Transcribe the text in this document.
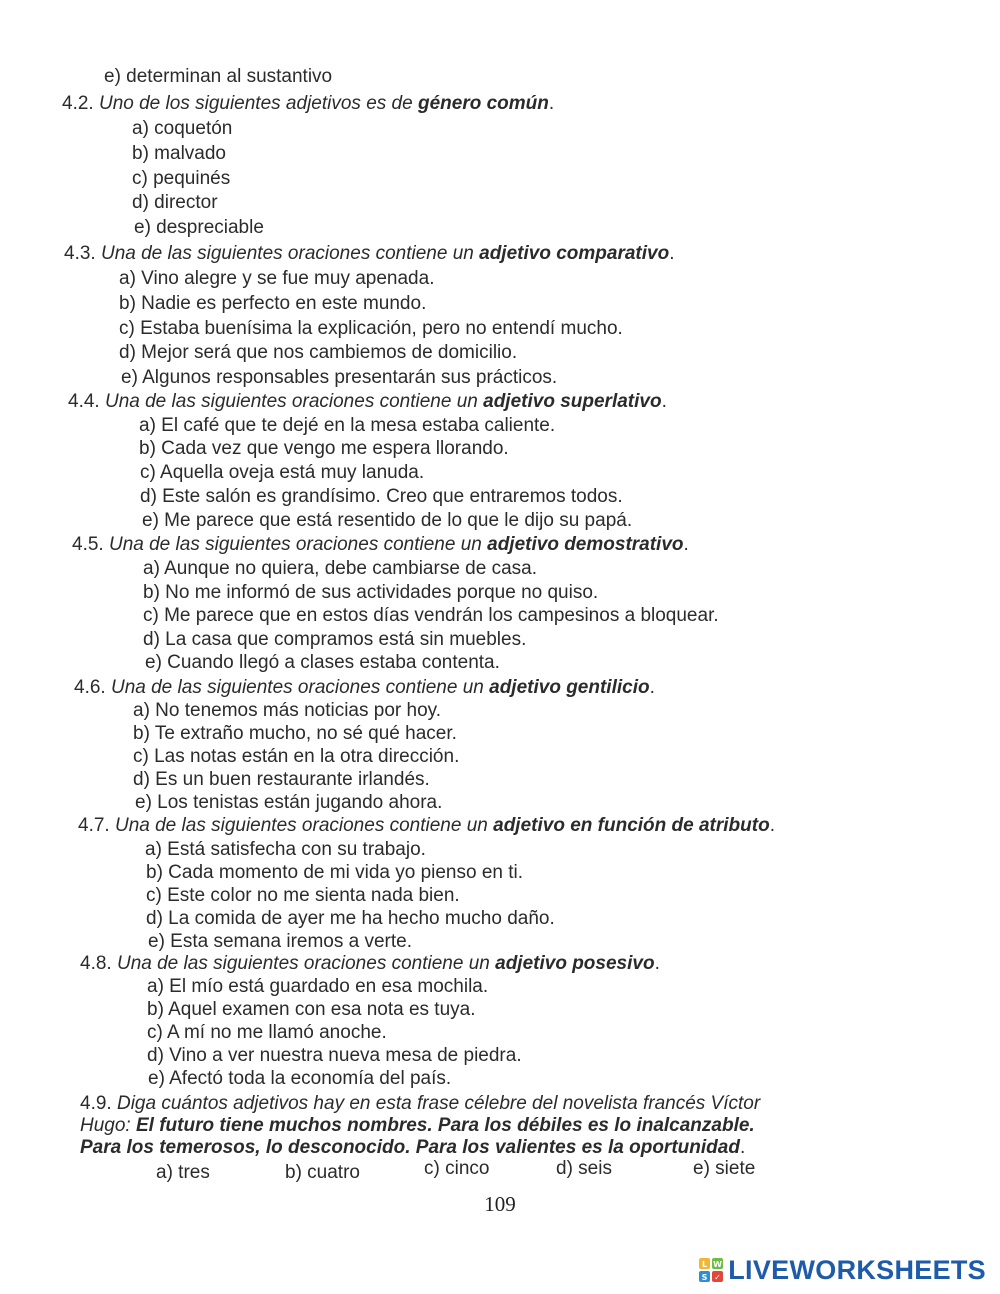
e) determinan al sustantivo
4.2. Uno de los siguientes adjetivos es de género común.
a) coquetón
b) malvado
c) pequinés
d) director
e) despreciable
4.3. Una de las siguientes oraciones contiene un adjetivo comparativo.
a) Vino alegre y se fue muy apenada.
b) Nadie es perfecto en este mundo.
c) Estaba buenísima la explicación, pero no entendí mucho.
d) Mejor será que nos cambiemos de domicilio.
e) Algunos responsables presentarán sus prácticos.
4.4. Una de las siguientes oraciones contiene un adjetivo superlativo.
a) El café que te dejé en la mesa estaba caliente.
b) Cada vez que vengo me espera llorando.
c) Aquella oveja está muy lanuda.
d) Este salón es grandísimo. Creo que entraremos todos.
e) Me parece que está resentido de lo que le dijo su papá.
4.5. Una de las siguientes oraciones contiene un adjetivo demostrativo.
a) Aunque no quiera, debe cambiarse de casa.
b) No me informó de sus actividades porque no quiso.
c) Me parece que en estos días vendrán los campesinos a bloquear.
d) La casa que compramos está sin muebles.
e) Cuando llegó a clases estaba contenta.
4.6. Una de las siguientes oraciones contiene un adjetivo gentilicio.
a) No tenemos más noticias por hoy.
b) Te extraño mucho, no sé qué hacer.
c) Las notas están en la otra dirección.
d) Es un buen restaurante irlandés.
e) Los tenistas están jugando ahora.
4.7. Una de las siguientes oraciones contiene un adjetivo en función de atributo.
a) Está satisfecha con su trabajo.
b) Cada momento de mi vida yo pienso en ti.
c) Este color no me sienta nada bien.
d) La comida de ayer me ha hecho mucho daño.
e) Esta semana iremos a verte.
4.8. Una de las siguientes oraciones contiene un adjetivo posesivo.
a) El mío está guardado en esa mochila.
b) Aquel examen con esa nota es tuya.
c) A mí no me llamó anoche.
d) Vino a ver nuestra nueva mesa de piedra.
e) Afectó toda la economía del país.
4.9. Diga cuántos adjetivos hay en esta frase célebre del novelista francés Víctor
Hugo: El futuro tiene muchos nombres. Para los débiles es lo inalcanzable.
Para los temerosos, lo desconocido. Para los valientes es la oportunidad.
a) tres	b) cuatro	c) cinco	d) seis	e) siete
109
L W
S ✓ LIVEWORKSHEETS
